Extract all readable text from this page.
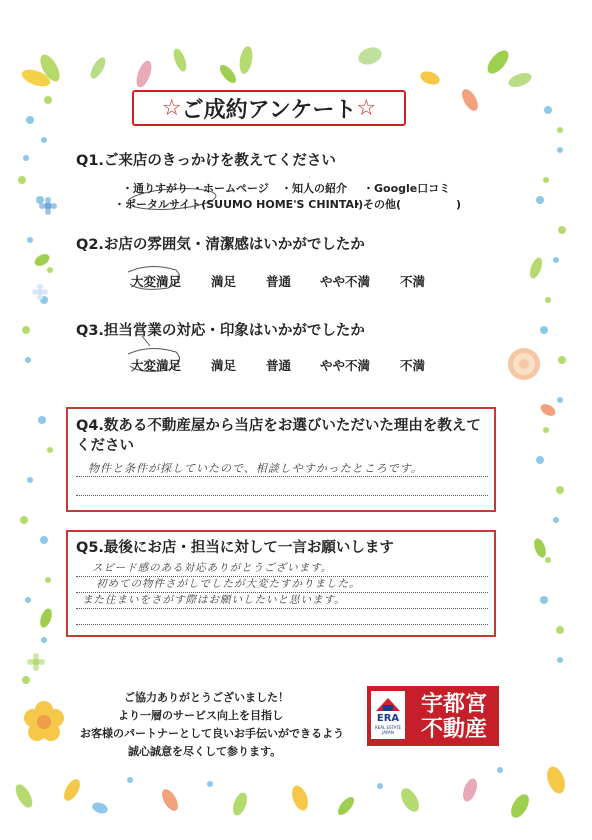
☆ ご成約アンケート ☆
Q1.ご来店のきっかけを教えてください
・通りすがり ・ホームページ ・知人の紹介 ・Google口コミ
・ポータルサイト(SUUMO HOME'S CHINTAI)
・その他(　　　　　)
Q2.お店の雰囲気・清潔感はいかがでしたか
大変満足 満足 普通 やや不満 不満
Q3.担当営業の対応・印象はいかがでしたか
大変満足 満足 普通 やや不満 不満
Q4.数ある不動産屋から当店をお選びいただいた理由を教えて
ください
物件と条件が探していたので、相談しやすかったところです。
Q5.最後にお店・担当に対して一言お願いします
スピード感のある対応ありがとうございます。
初めての物件さがしでしたが大変たすかりました。
また住まいをさがす際はお願いしたいと思います。
ご協力ありがとうございました！
より一層のサービス向上を目指し
お客様のパートナーとして良いお手伝いができるよう
誠心誠意を尽くして参ります。
ERA
REAL ESTATE
JAPAN
宇都宮
不動産
